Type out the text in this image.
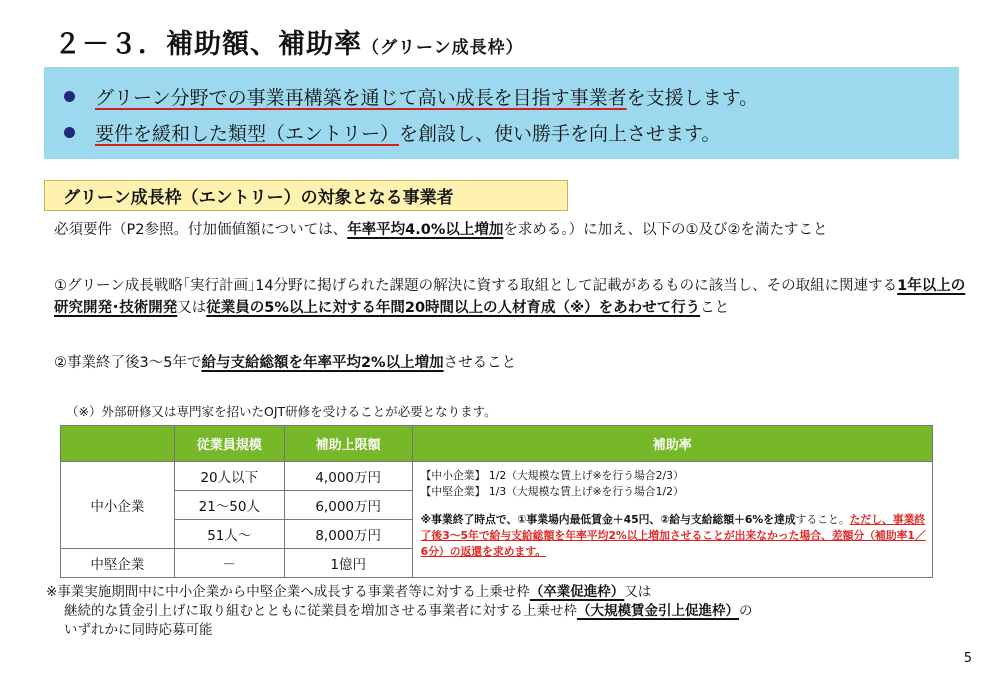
２－３．補助額、補助率（グリーン成長枠）
グリーン分野での事業再構築を通じて高い成長を目指す事業者 を支援します。
要件を緩和した類型（エントリー） を創設し、使い勝手を向上させます。
グリーン成長枠（エントリー）の対象となる事業者
必須要件（P2参照。付加価値額については、年率平均4.0%以上増加を求める。）に加え、以下の①及び②を満たすこと
①グリーン成長戦略｢実行計画｣14分野に掲げられた課題の解決に資する取組として記載があるものに該当し、その取組に関連する1年以上の研究開発･技術開発又は従業員の5%以上に対する年間20時間以上の人材育成（※）をあわせて行うこと
②事業終了後3～5年で給与支給総額を年率平均2%以上増加させること
（※）外部研修又は専門家を招いたOJT研修を受けることが必要となります。
	従業員規模	補助上限額	補助率
中小企業	20人以下	4,000万円	【中小企業】 1/2（大規模な賃上げ※を行う場合2/3）
【中堅企業】 1/3（大規模な賃上げ※を行う場合1/2）
※事業終了時点で、①事業場内最低賃金＋45円、②給与支給総額＋6%を達成すること。ただし、事業終了後3～5年で給与支給総額を年率平均2%以上増加させることが出来なかった場合、差額分（補助率1／6分）の返還を求めます。

	21～50人	6,000万円	
	51人～	8,000万円	
中堅企業	－	1億円	
※事業実施期間中に中小企業から中堅企業へ成長する事業者等に対する上乗せ枠（卒業促進枠）又は
継続的な賃金引上げに取り組むとともに従業員を増加させる事業者に対する上乗せ枠（大規模賃金引上促進枠）の
いずれかに同時応募可能
5
